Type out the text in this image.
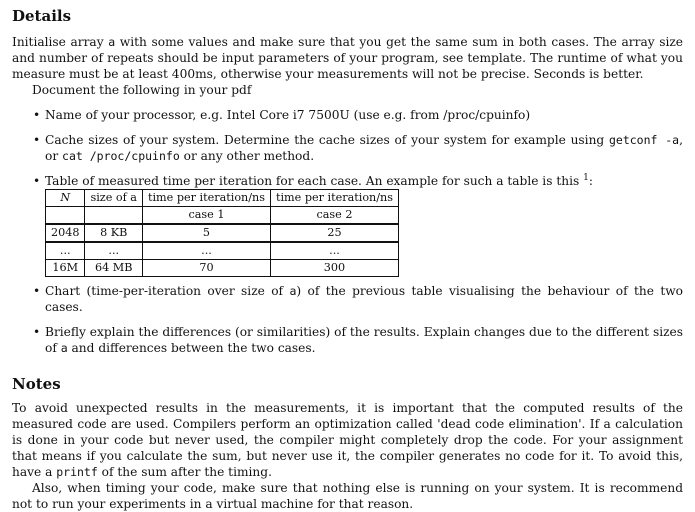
Details

Initialise array a with some values and make sure that you get the same sum in both cases. The array size and number of repeats should be input parameters of your program, see template. The runtime of what you measure must be at least 400ms, otherwise your measurements will not be precise. Seconds is better.

Document the following in your pdf

• Name of your processor, e.g. Intel Core i7 7500U (use e.g. from /proc/cpuinfo)
• Cache sizes of your system. Determine the cache sizes of your system for example using getconf -a, or cat /proc/cpuinfo or any other method.
• Table of measured time per iteration for each case. An example for such a table is this $^1$:
N	size of a	time per iteration/ns	time per iteration/ns
		case 1	case 2
2048	8 KB	5	25
...	...	...	...
16M	64 MB	70	300
• Chart (time-per-iteration over size of a) of the previous table visualising the behaviour of the two cases.
• Briefly explain the differences (or similarities) of the results. Explain changes due to the different sizes of a and differences between the two cases.
Notes

To avoid unexpected results in the measurements, it is important that the computed results of the measured code are used. Compilers perform an optimization called 'dead code elimination'. If a calculation is done in your code but never used, the compiler might completely drop the code. For your assignment that means if you calculate the sum, but never use it, the compiler generates no code for it. To avoid this, have a printf of the sum after the timing.

Also, when timing your code, make sure that nothing else is running on your system. It is recommend not to run your experiments in a virtual machine for that reason.
